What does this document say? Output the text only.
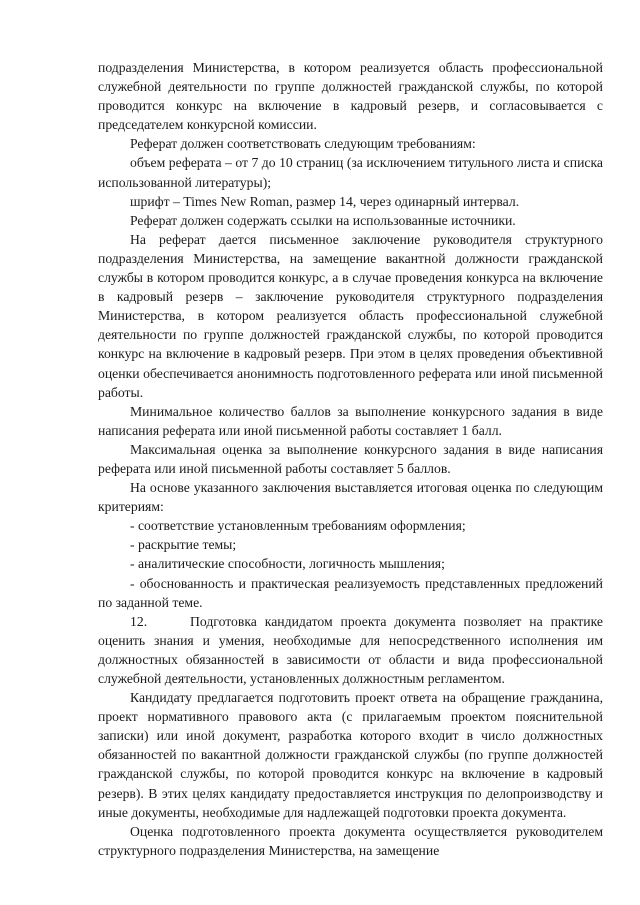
подразделения Министерства, в котором реализуется область профессиональной служебной деятельности по группе должностей гражданской службы, по которой проводится конкурс на включение в кадровый резерв, и согласовывается с председателем конкурсной комиссии.

Реферат должен соответствовать следующим требованиям:

объем реферата – от 7 до 10 страниц (за исключением титульного листа и списка использованной литературы);

шрифт – Times New Roman, размер 14, через одинарный интервал.

Реферат должен содержать ссылки на использованные источники.

На реферат дается письменное заключение руководителя структурного подразделения Министерства, на замещение вакантной должности гражданской службы в котором проводится конкурс, а в случае проведения конкурса на включение в кадровый резерв – заключение руководителя структурного подразделения Министерства, в котором реализуется область профессиональной служебной деятельности по группе должностей гражданской службы, по которой проводится конкурс на включение в кадровый резерв. При этом в целях проведения объективной оценки обеспечивается анонимность подготовленного реферата или иной письменной работы.

Минимальное количество баллов за выполнение конкурсного задания в виде написания реферата или иной письменной работы составляет 1 балл.

Максимальная оценка за выполнение конкурсного задания в виде написания реферата или иной письменной работы составляет 5 баллов.

На основе указанного заключения выставляется итоговая оценка по следующим критериям:

- соответствие установленным требованиям оформления;

- раскрытие темы;

- аналитические способности, логичность мышления;

- обоснованность и практическая реализуемость представленных предложений по заданной теме.

12.	Подготовка кандидатом проекта документа позволяет на практике оценить знания и умения, необходимые для непосредственного исполнения им должностных обязанностей в зависимости от области и вида профессиональной служебной деятельности, установленных должностным регламентом.

Кандидату предлагается подготовить проект ответа на обращение гражданина, проект нормативного правового акта (с прилагаемым проектом пояснительной записки) или иной документ, разработка которого входит в число должностных обязанностей по вакантной должности гражданской службы (по группе должностей гражданской службы, по которой проводится конкурс на включение в кадровый резерв). В этих целях кандидату предоставляется инструкция по делопроизводству и иные документы, необходимые для надлежащей подготовки проекта документа.

Оценка подготовленного проекта документа осуществляется руководителем структурного подразделения Министерства, на замещение
